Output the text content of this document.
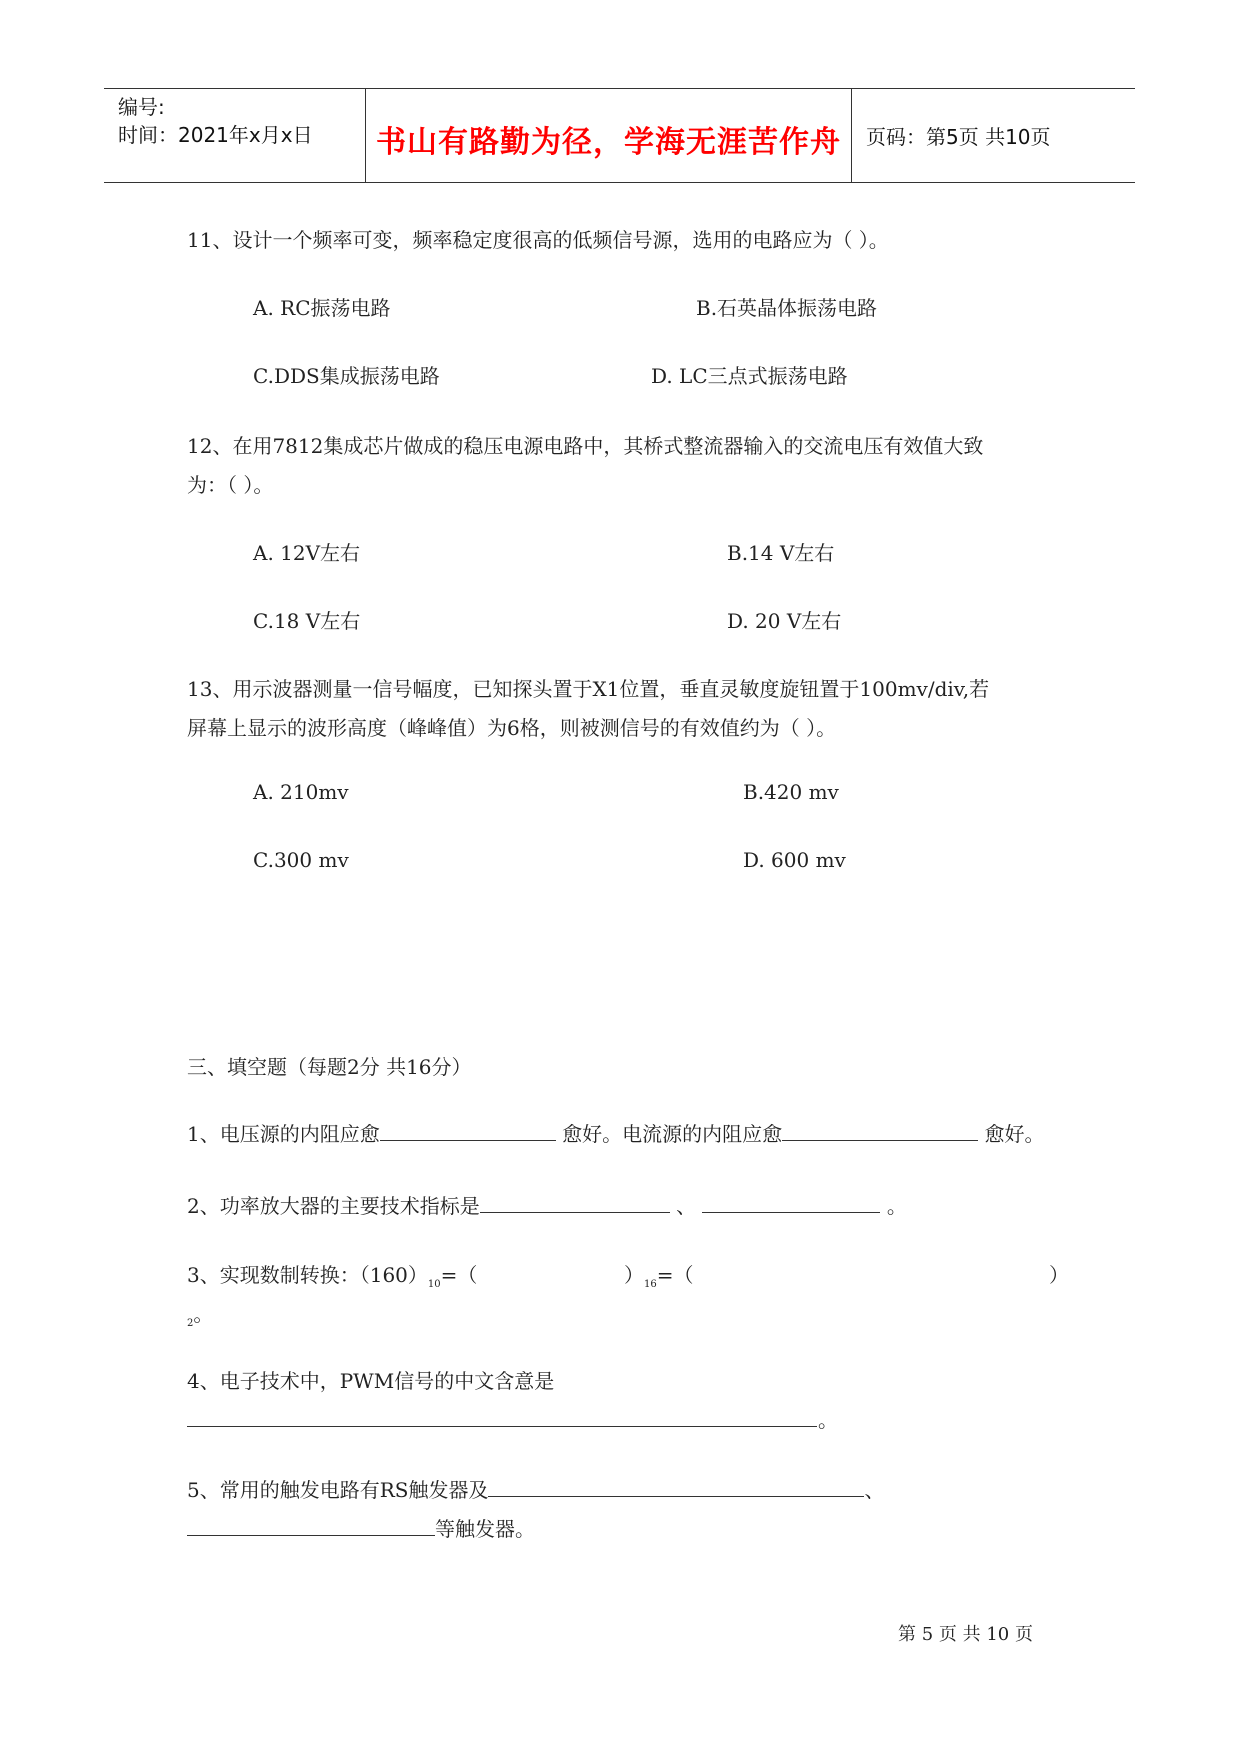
编号:
时间：2021年x月x日	书山有路勤为径，学海无涯苦作舟	页码：第5页 共10页
11、设计一个频率可变，频率稳定度很高的低频信号源，选用的电路应为（ ）。
A. RC振荡电路	B.石英晶体振荡电路
C.DDS集成振荡电路	D. LC三点式振荡电路
12、在用7812集成芯片做成的稳压电源电路中，其桥式整流器输入的交流电压有效值大致
为：（ ）。
A. 12V左右	B.14 V左右
C.18 V左右	D. 20 V左右
13、用示波器测量一信号幅度，已知探头置于X1位置，垂直灵敏度旋钮置于100mv/div,若
屏幕上显示的波形高度（峰峰值）为6格，则被测信号的有效值约为（ ）。
A. 210mv	B.420 mv
C.300 mv	D. 600 mv
三、填空题（每题2分 共16分）
1、电压源的内阻应愈	愈好。电流源的内阻应愈	愈好。
2、功率放大器的主要技术指标是	、	。
3、实现数制转换：$(160)_{10}=$（	）$_{16}=$（	）
$_2$。
4、电子技术中，PWM信号的中文含意是
。
5、常用的触发电路有RS触发器及	、
等触发器。
第 5 页 共 10 页
